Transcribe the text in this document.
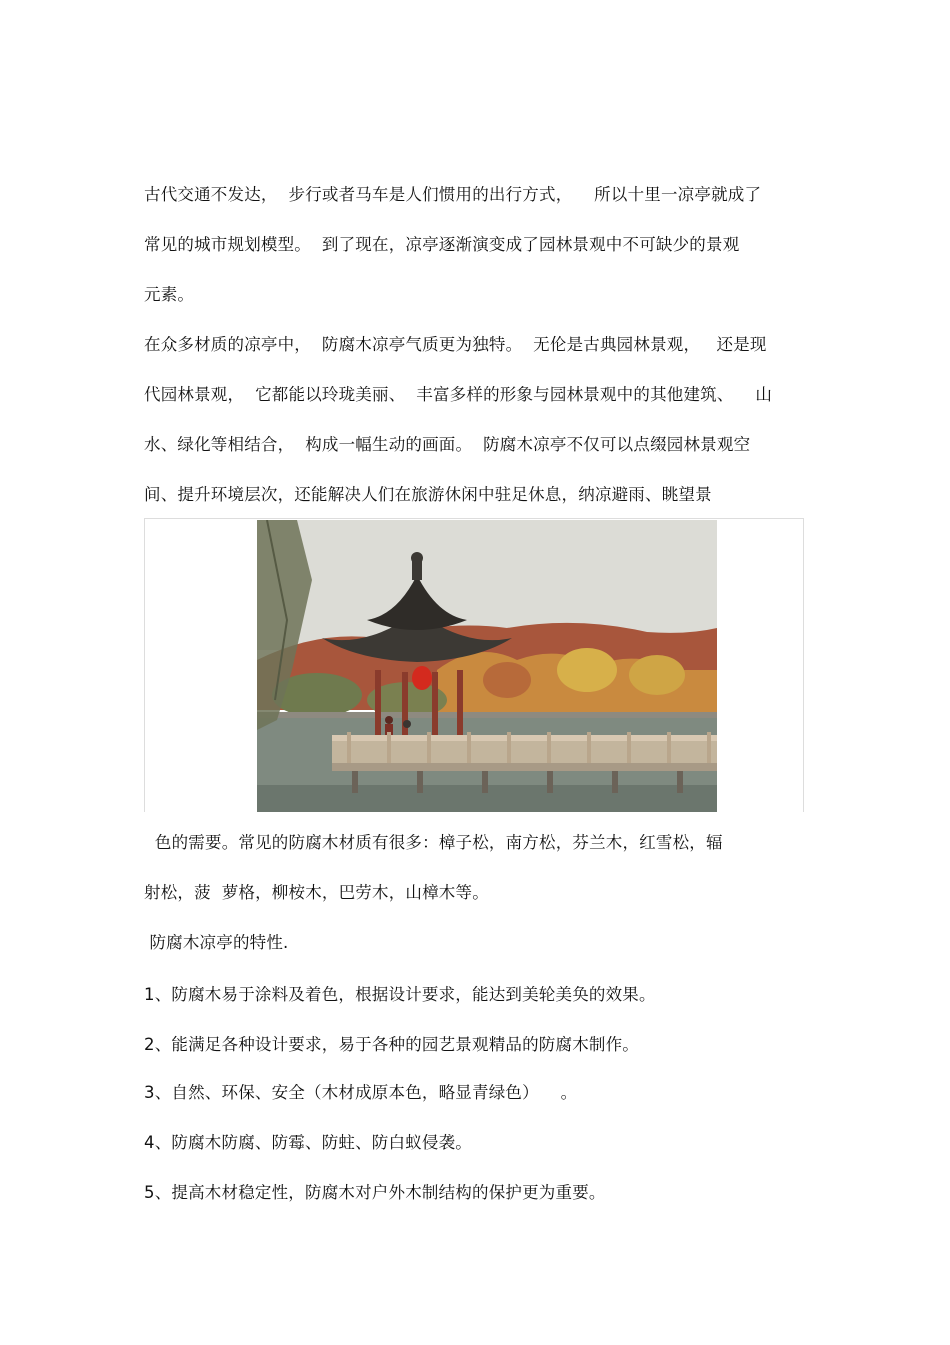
古代交通不发达，  步行或者马车是人们惯用的出行方式，    所以十里一凉亭就成了
常见的城市规划模型。  到了现在，凉亭逐渐演变成了园林景观中不可缺少的景观
元素。
在众多材质的凉亭中，  防腐木凉亭气质更为独特。  无伦是古典园林景观，   还是现
代园林景观，  它都能以玲珑美丽、  丰富多样的形象与园林景观中的其他建筑、    山
水、绿化等相结合，  构成一幅生动的画面。  防腐木凉亭不仅可以点缀园林景观空
间、提升环境层次，还能解决人们在旅游休闲中驻足休息，纳凉避雨、眺望景
色的需要。常见的防腐木材质有很多：樟子松，南方松，芬兰木，红雪松，辐
射松，菠  萝格，柳桉木，巴劳木，山樟木等。
防腐木凉亭的特性.
1、防腐木易于涂料及着色，根据设计要求，能达到美轮美奂的效果。
2、能满足各种设计要求，易于各种的园艺景观精品的防腐木制作。
3、自然、环保、安全（木材成原本色，略显青绿色）    。
4、防腐木防腐、防霉、防蛀、防白蚁侵袭。
5、提高木材稳定性，防腐木对户外木制结构的保护更为重要。
